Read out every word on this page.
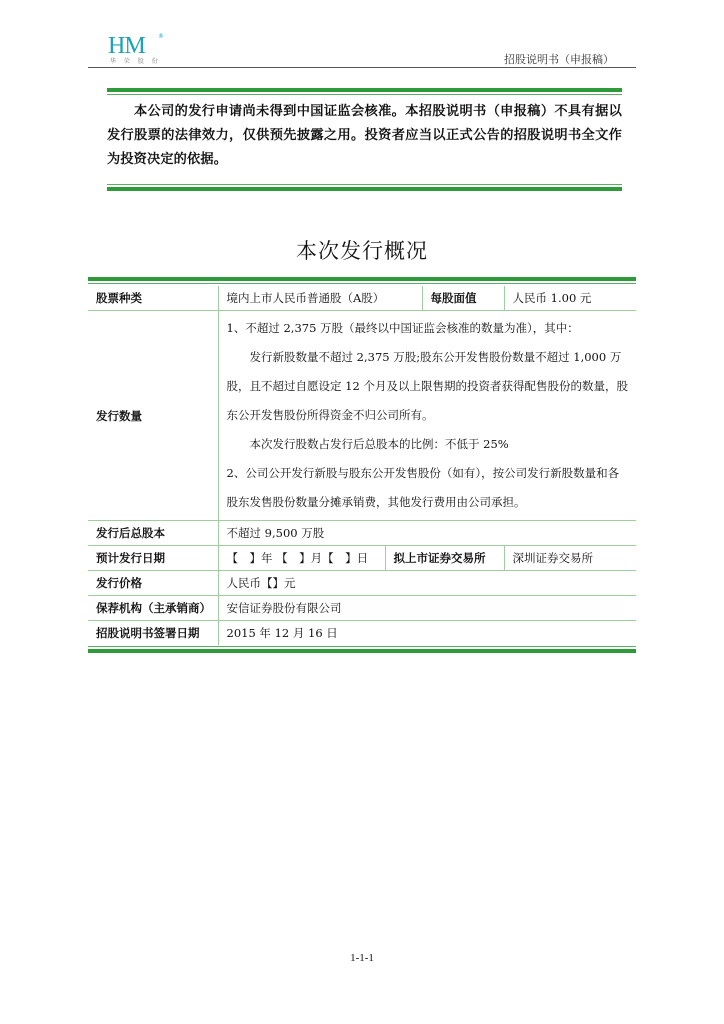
HM ®
华 荣 股 份	招股说明书（申报稿）
本公司的发行申请尚未得到中国证监会核准。本招股说明书（申报稿）不具有据以发行股票的法律效力，仅供预先披露之用。投资者应当以正式公告的招股说明书全文作为投资决定的依据。
本次发行概况
股票种类	境内上市人民币普通股（A股）		每股面值	人民币 1.00 元
发行数量	1、不超过 2,375 万股（最终以中国证监会核准的数量为准），其中：
发行新股数量不超过 2,375 万股;股东公开发售股份数量不超过 1,000 万股，且不超过自愿设定 12 个月及以上限售期的投资者获得配售股份的数量，股东公开发售股份所得资金不归公司所有。
本次发行股数占发行后总股本的比例：不低于 25%
2、公司公开发行新股与股东公开发售股份（如有），按公司发行新股数量和各股东发售股份数量分摊承销费，其他发行费用由公司承担。			

发行后总股本	不超过 9,500 万股			
预计发行日期	【　】年 【　】月【　】日	拟上市证券交易所		深圳证券交易所
发行价格	人民币【】元			
保荐机构（主承销商）	安信证券股份有限公司			
招股说明书签署日期	2015 年 12 月 16 日			
1-1-1
